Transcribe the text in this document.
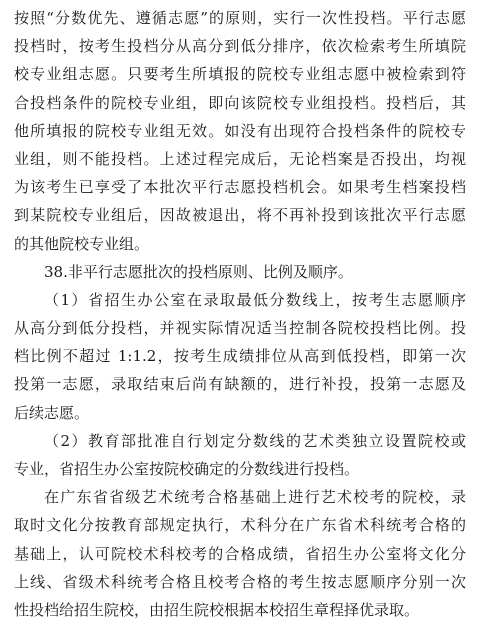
按照“分数优先、遵循志愿”的原则，实行一次性投档。平行志愿
投档时，按考生投档分从高分到低分排序，依次检索考生所填院
校专业组志愿。只要考生所填报的院校专业组志愿中被检索到符
合投档条件的院校专业组，即向该院校专业组投档。投档后，其
他所填报的院校专业组无效。如没有出现符合投档条件的院校专
业组，则不能投档。上述过程完成后，无论档案是否投出，均视
为该考生已享受了本批次平行志愿投档机会。如果考生档案投档
到某院校专业组后，因故被退出，将不再补投到该批次平行志愿
的其他院校专业组。
38.非平行志愿批次的投档原则、比例及顺序。
（1）省招生办公室在录取最低分数线上，按考生志愿顺序
从高分到低分投档，并视实际情况适当控制各院校投档比例。投
档比例不超过 1:1.2，按考生成绩排位从高到低投档，即第一次
投第一志愿，录取结束后尚有缺额的，进行补投，投第一志愿及
后续志愿。
（2）教育部批准自行划定分数线的艺术类独立设置院校或
专业，省招生办公室按院校确定的分数线进行投档。
在广东省省级艺术统考合格基础上进行艺术校考的院校，录
取时文化分按教育部规定执行，术科分在广东省术科统考合格的
基础上，认可院校术科校考的合格成绩，省招生办公室将文化分
上线、省级术科统考合格且校考合格的考生按志愿顺序分别一次
性投档给招生院校，由招生院校根据本校招生章程择优录取。
